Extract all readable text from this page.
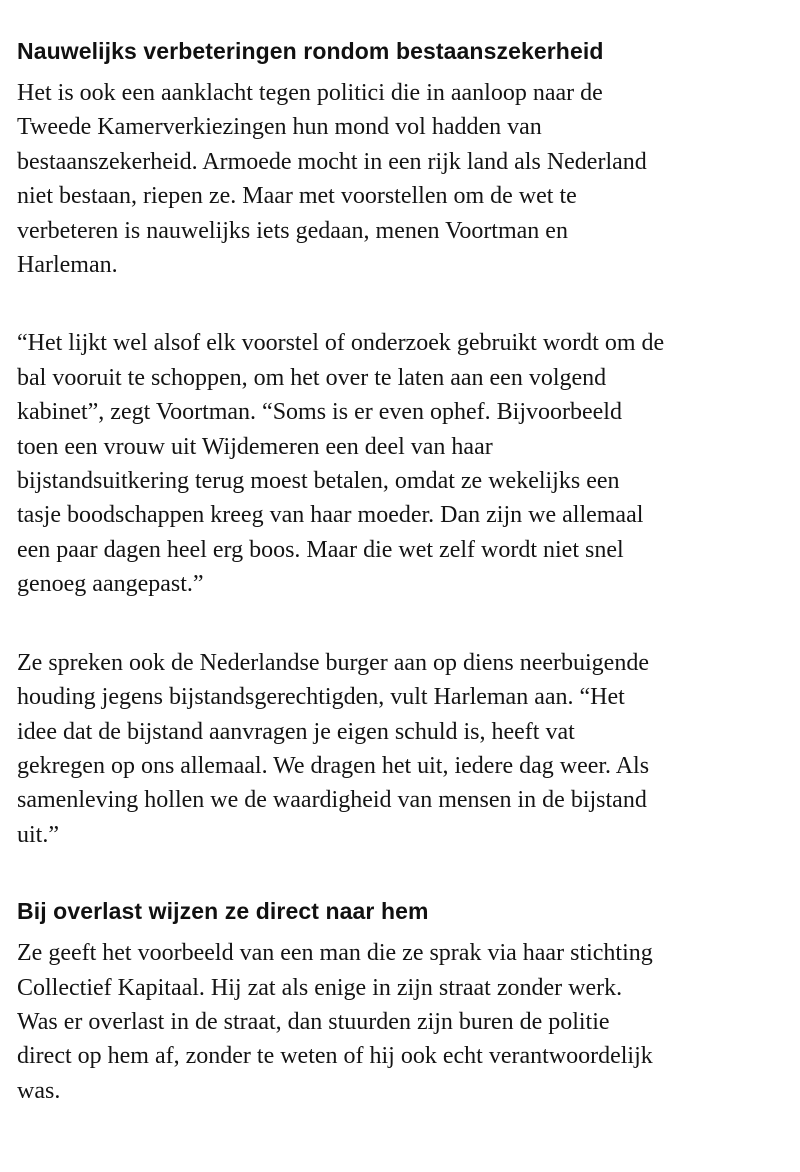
Nauwelijks verbeteringen rondom bestaanszekerheid

Het is ook een aanklacht tegen politici die in aanloop naar de Tweede Kamerverkiezingen hun mond vol hadden van bestaanszekerheid. Armoede mocht in een rijk land als Nederland niet bestaan, riepen ze. Maar met voorstellen om de wet te verbeteren is nauwelijks iets gedaan, menen Voortman en Harleman.

“Het lijkt wel alsof elk voorstel of onderzoek gebruikt wordt om de bal vooruit te schoppen, om het over te laten aan een volgend kabinet”, zegt Voortman. “Soms is er even ophef. Bijvoorbeeld toen een vrouw uit Wijdemeren een deel van haar bijstandsuitkering terug moest betalen, omdat ze wekelijks een tasje boodschappen kreeg van haar moeder. Dan zijn we allemaal een paar dagen heel erg boos. Maar die wet zelf wordt niet snel genoeg aangepast.”

Ze spreken ook de Nederlandse burger aan op diens neerbuigende houding jegens bijstandsgerechtigden, vult Harleman aan. “Het idee dat de bijstand aanvragen je eigen schuld is, heeft vat gekregen op ons allemaal. We dragen het uit, iedere dag weer. Als samenleving hollen we de waardigheid van mensen in de bijstand uit.”

Bij overlast wijzen ze direct naar hem

Ze geeft het voorbeeld van een man die ze sprak via haar stichting Collectief Kapitaal. Hij zat als enige in zijn straat zonder werk. Was er overlast in de straat, dan stuurden zijn buren de politie direct op hem af, zonder te weten of hij ook echt verantwoordelijk was.
